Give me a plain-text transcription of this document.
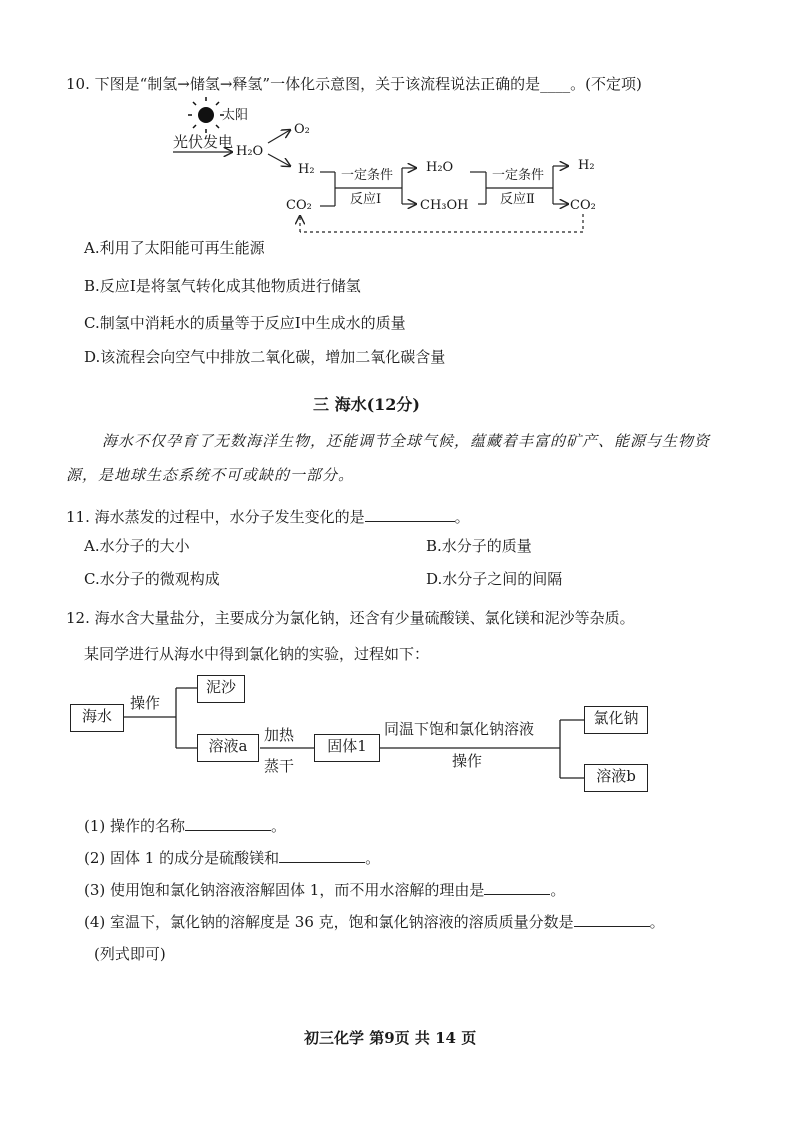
10. 下图是“制氢→储氢→释氢”一体化示意图，关于该流程说法正确的是____。(不定项)
太阳
光伏发电
H₂O
O₂
H₂
CO₂
一定条件
反应Ⅰ
H₂O
CH₃OH
一定条件
反应Ⅱ
H₂
CO₂
A.利用了太阳能可再生能源
B.反应Ⅰ是将氢气转化成其他物质进行储氢
C.制氢中消耗水的质量等于反应Ⅰ中生成水的质量
D.该流程会向空气中排放二氧化碳，增加二氧化碳含量
三 海水(12分)
海水不仅孕育了无数海洋生物，还能调节全球气候，蕴藏着丰富的矿产、能源与生物资
源，是地球生态系统不可或缺的一部分。
11. 海水蒸发的过程中，水分子发生变化的是	。
A.水分子的大小	B.水分子的质量
C.水分子的微观构成	D.水分子之间的间隔
12. 海水含大量盐分，主要成分为氯化钠，还含有少量硫酸镁、氯化镁和泥沙等杂质。
某同学进行从海水中得到氯化钠的实验，过程如下：
海水
操作
泥沙
溶液a
加热
蒸干
固体1
同温下饱和氯化钠溶液
操作
氯化钠
溶液b
(1) 操作的名称	。
(2) 固体 1 的成分是硫酸镁和	。
(3) 使用饱和氯化钠溶液溶解固体 1，而不用水溶解的理由是	。
(4) 室温下，氯化钠的溶解度是 36 克，饱和氯化钠溶液的溶质质量分数是	。
(列式即可)
初三化学 第9页 共 14 页
